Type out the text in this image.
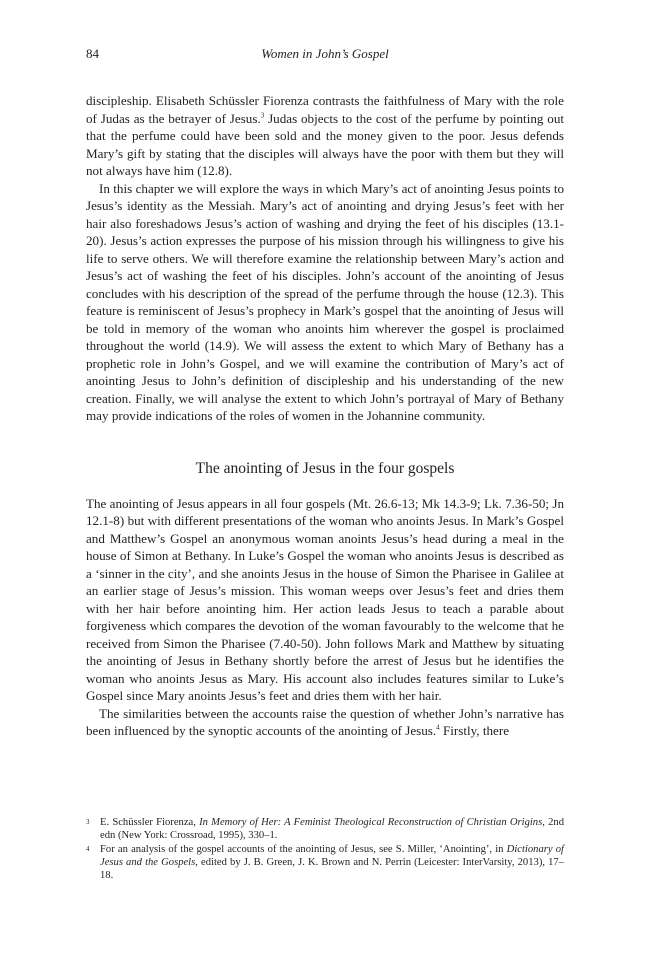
84	Women in John’s Gospel

discipleship. Elisabeth Schüssler Fiorenza contrasts the faithfulness of Mary with the role of Judas as the betrayer of Jesus.$^3$ Judas objects to the cost of the perfume by pointing out that the perfume could have been sold and the money given to the poor. Jesus defends Mary’s gift by stating that the disciples will always have the poor with them but they will not always have him (12.8).

In this chapter we will explore the ways in which Mary’s act of anointing Jesus points to Jesus’s identity as the Messiah. Mary’s act of anointing and drying Jesus’s feet with her hair also foreshadows Jesus’s action of washing and drying the feet of his disciples (13.1-20). Jesus’s action expresses the purpose of his mission through his willingness to give his life to serve others. We will therefore examine the relationship between Mary’s action and Jesus’s act of washing the feet of his disciples. John’s account of the anointing of Jesus concludes with his description of the spread of the perfume through the house (12.3). This feature is reminiscent of Jesus’s prophecy in Mark’s gospel that the anointing of Jesus will be told in memory of the woman who anoints him wherever the gospel is proclaimed throughout the world (14.9). We will assess the extent to which Mary of Bethany has a prophetic role in John’s Gospel, and we will examine the contribution of Mary’s act of anointing Jesus to John’s definition of discipleship and his understanding of the new creation. Finally, we will analyse the extent to which John’s portrayal of Mary of Bethany may provide indications of the roles of women in the Johannine community.

The anointing of Jesus in the four gospels

The anointing of Jesus appears in all four gospels (Mt. 26.6-13; Mk 14.3-9; Lk. 7.36-50; Jn 12.1-8) but with different presentations of the woman who anoints Jesus. In Mark’s Gospel and Matthew’s Gospel an anonymous woman anoints Jesus’s head during a meal in the house of Simon at Bethany. In Luke’s Gospel the woman who anoints Jesus is described as a ‘sinner in the city’, and she anoints Jesus in the house of Simon the Pharisee in Galilee at an earlier stage of Jesus’s mission. This woman weeps over Jesus’s feet and dries them with her hair before anointing him. Her action leads Jesus to teach a parable about forgiveness which compares the devotion of the woman favourably to the welcome that he received from Simon the Pharisee (7.40-50). John follows Mark and Matthew by situating the anointing of Jesus in Bethany shortly before the arrest of Jesus but he identifies the woman who anoints Jesus as Mary. His account also includes features similar to Luke’s Gospel since Mary anoints Jesus’s feet and dries them with her hair.

The similarities between the accounts raise the question of whether John’s narrative has been influenced by the synoptic accounts of the anointing of Jesus.$^4$ Firstly, there

3 E. Schüssler Fiorenza, In Memory of Her: A Feminist Theological Reconstruction of Christian Origins, 2nd edn (New York: Crossroad, 1995), 330–1.
4 For an analysis of the gospel accounts of the anointing of Jesus, see S. Miller, ‘Anointing’, in Dictionary of Jesus and the Gospels, edited by J. B. Green, J. K. Brown and N. Perrin (Leicester: InterVarsity, 2013), 17–18.
